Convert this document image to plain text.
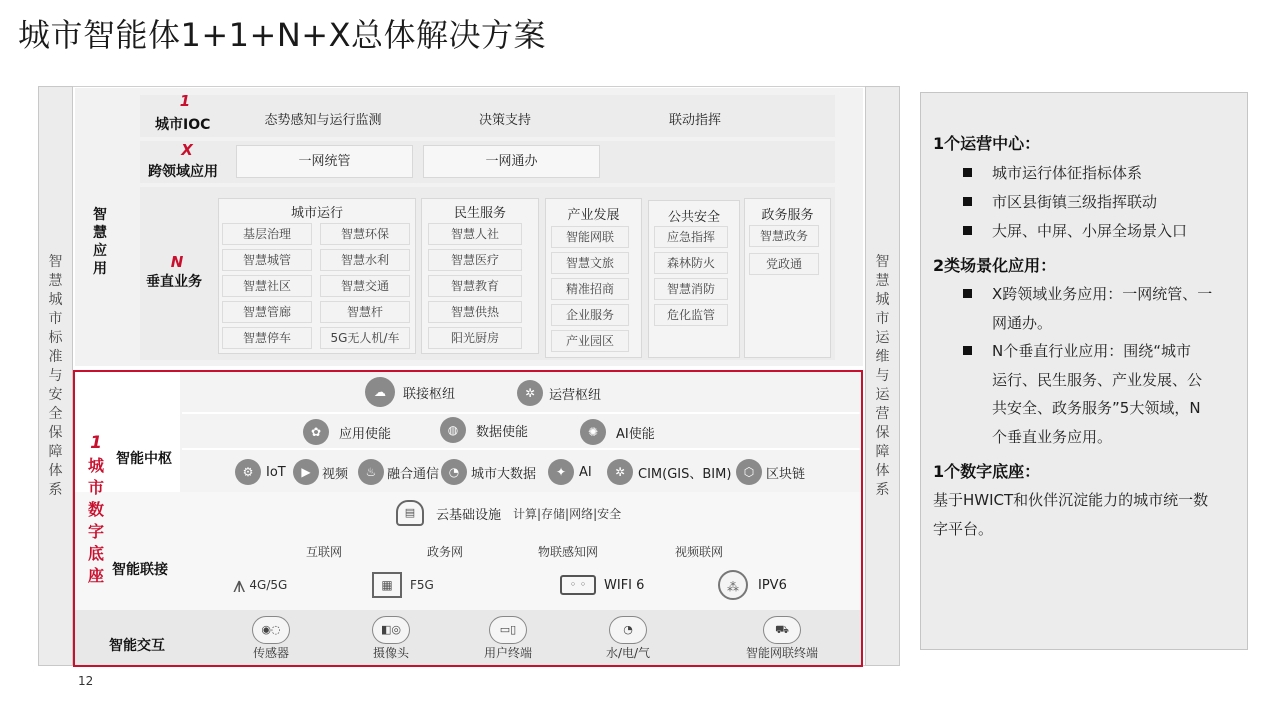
城市智能体1+1+N+X总体解决方案
智
慧
城
市
标
准
与
安
全
保
障
体
系
智
慧
城
市
运
维
与
运
营
保
障
体
系
1
城市IOC	态势感知与运行监测	决策支持	联动指挥
X
跨领域应用
一网统管	一网通办
智
慧
应
用	N
垂直业务
城市运行
基层治理	智慧环保
智慧城管	智慧水利
智慧社区	智慧交通
智慧管廊	智慧杆
智慧停车	5G无人机/车
民生服务
智慧人社
智慧医疗
智慧教育
智慧供热
阳光厨房
产业发展
智能网联
智慧文旅
精准招商
企业服务
产业园区
公共安全
应急指挥
森林防火
智慧消防
危化监管
政务服务
智慧政务
党政通
1
城
市
数
字
底
座
智能中枢
☁	联接枢纽	✲	运营枢纽
✿	应用使能	◍	数据使能	✺	AI使能
⚙ IoT	▶ 视频	♨ 融合通信 ◔ 城市大数据	✦ AI	✲ CIM(GIS、BIM)	⬡ 区块链
▤	云基础设施 计算|存储|网络|安全
智能联接
互联网	政务网	物联感知网	视频联网
⩚ 4G/5G	▦	F5G	◦ ◦	WIFI 6	⁂	IPV6
智能交互
◉◌
传感器
◧◎
摄像头
▭▯
用户终端
◔
水/电/气
⛟
智能网联终端
1个运营中心：
城市运行体征指标体系
市区县街镇三级指挥联动
大屏、中屏、小屏全场景入口
2类场景化应用：
X跨领域业务应用：一网统管、一
网通办。
N个垂直行业应用：围绕“城市
运行、民生服务、产业发展、公
共安全、政务服务”5大领域，N
个垂直业务应用。
1个数字底座：
基于HWICT和伙伴沉淀能力的城市统一数
字平台。
12
